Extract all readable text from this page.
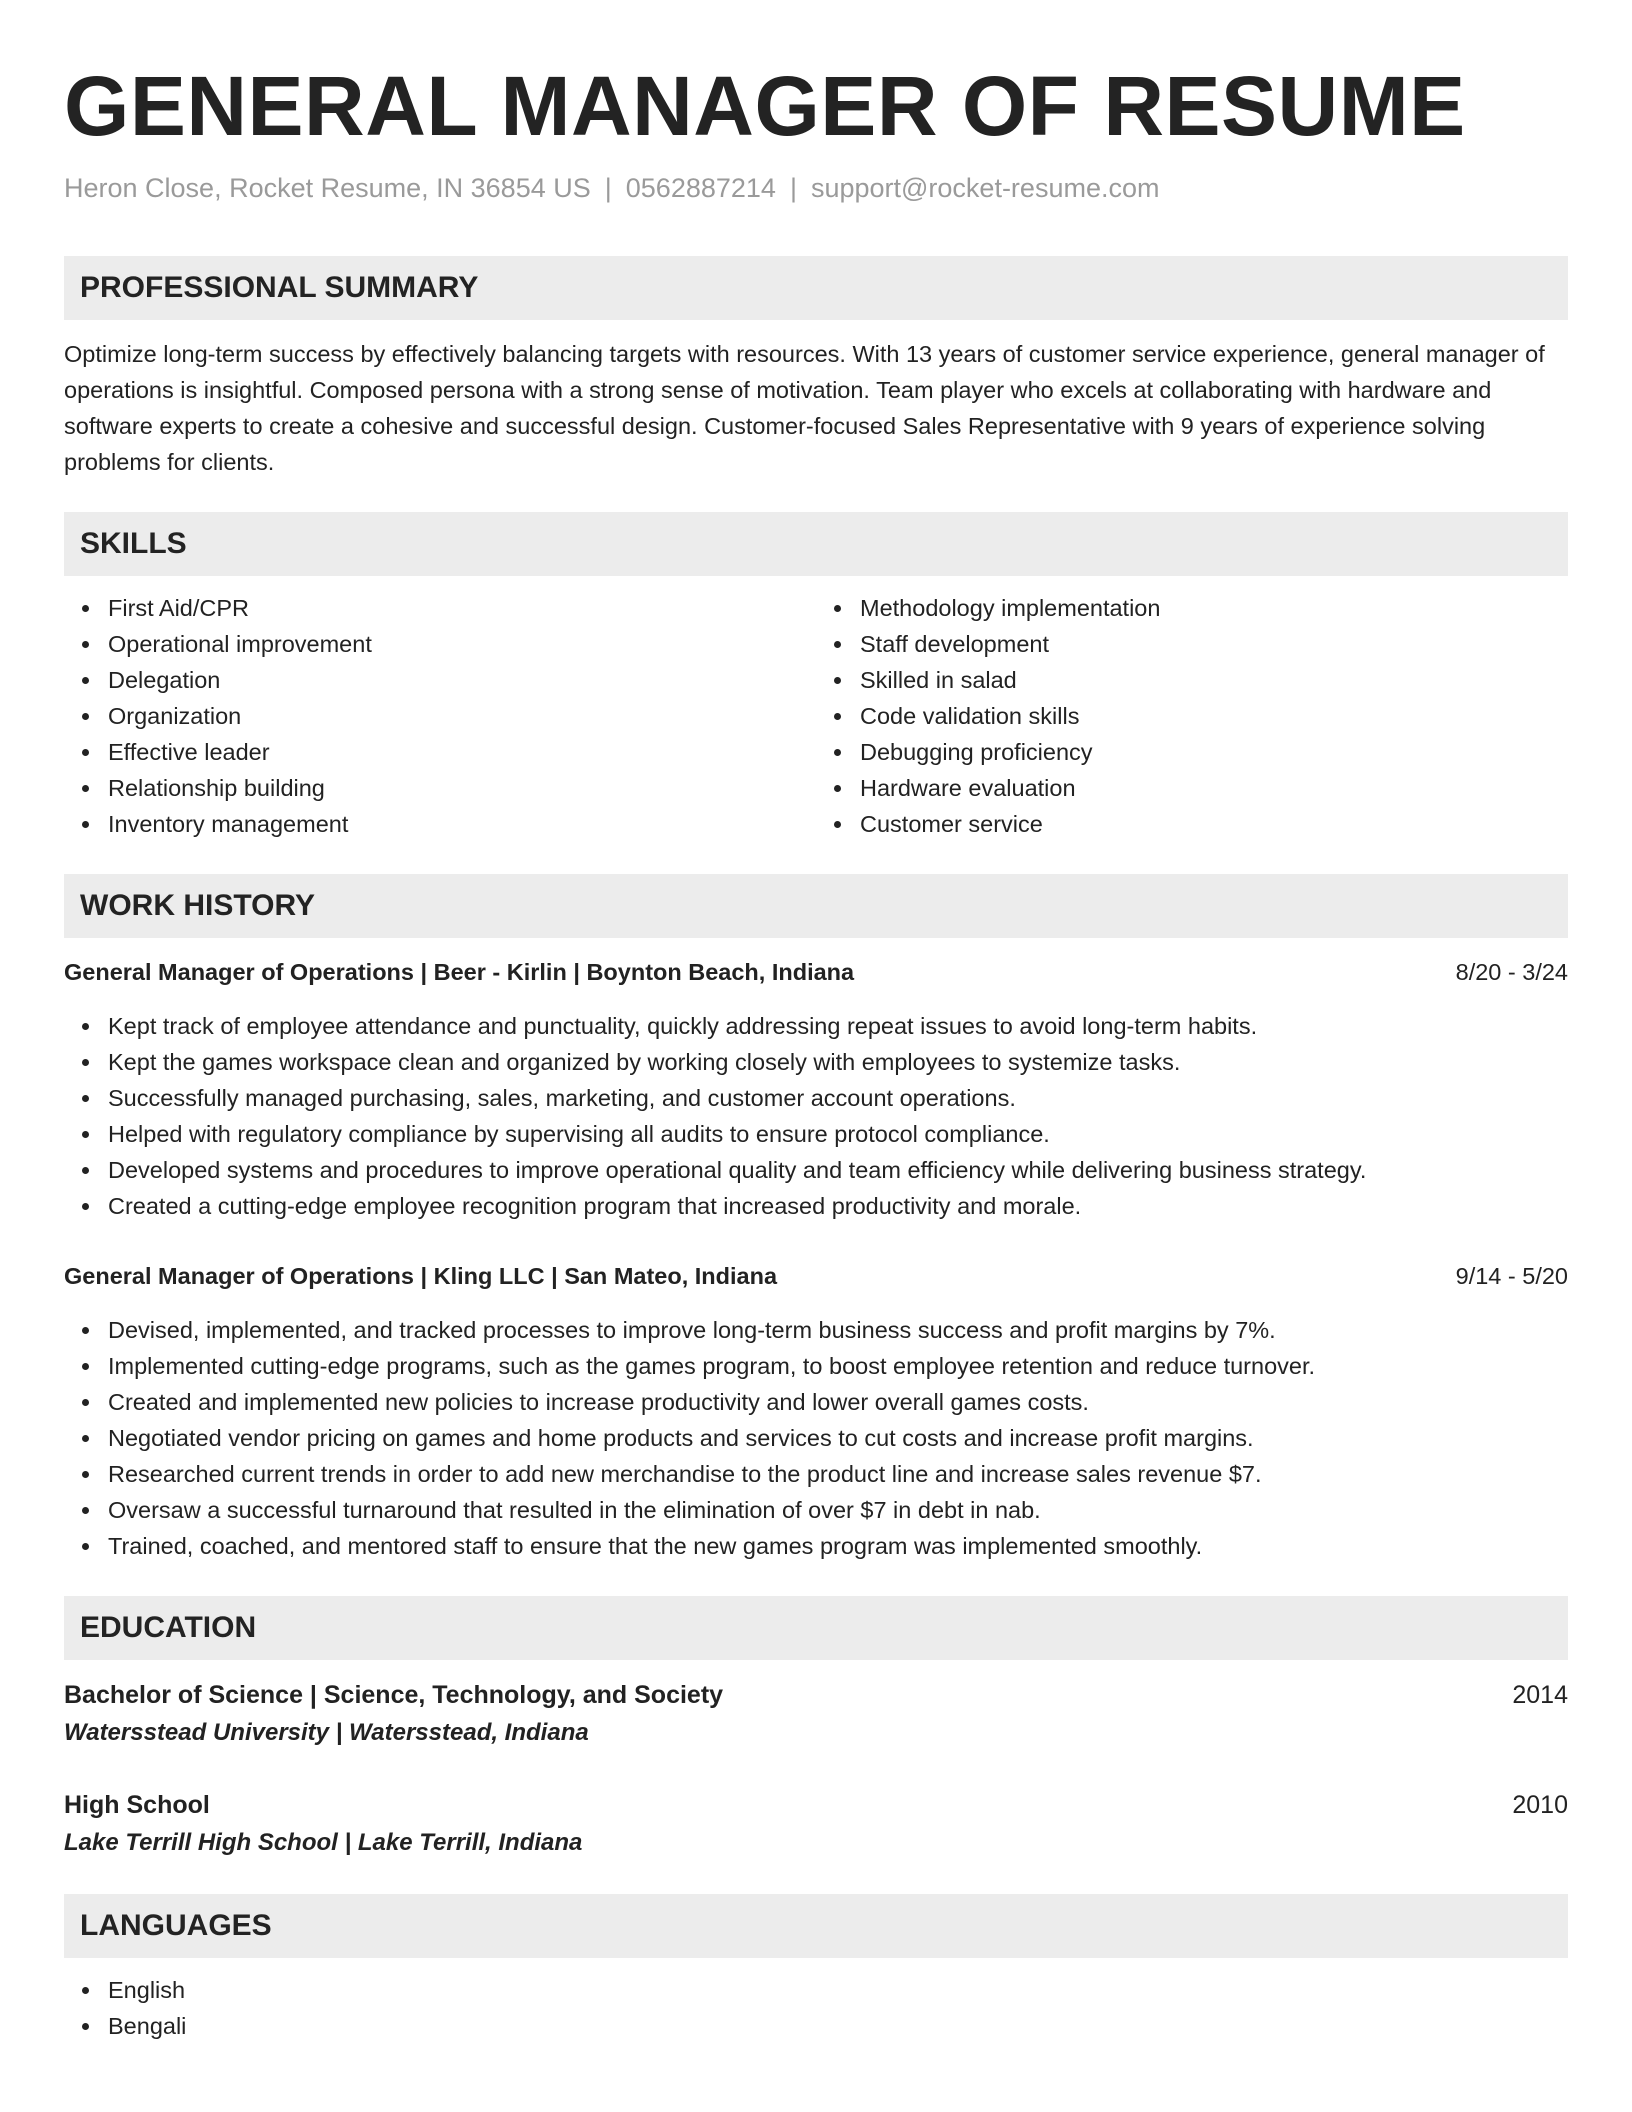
GENERAL MANAGER OF RESUME
Heron Close, Rocket Resume, IN 36854 US | 0562887214 | support@rocket-resume.com
PROFESSIONAL SUMMARY

Optimize long-term success by effectively balancing targets with resources. With 13 years of customer service experience, general manager of operations is insightful. Composed persona with a strong sense of motivation. Team player who excels at collaborating with hardware and software experts to create a cohesive and successful design. Customer-focused Sales Representative with 9 years of experience solving problems for clients.

SKILLS
First Aid/CPR
Operational improvement
Delegation
Organization
Effective leader
Relationship building
Inventory management
Methodology implementation
Staff development
Skilled in salad
Code validation skills
Debugging proficiency
Hardware evaluation
Customer service
WORK HISTORY
General Manager of Operations | Beer - Kirlin | Boynton Beach, Indiana	8/20 - 3/24
Kept track of employee attendance and punctuality, quickly addressing repeat issues to avoid long-term habits.
Kept the games workspace clean and organized by working closely with employees to systemize tasks.
Successfully managed purchasing, sales, marketing, and customer account operations.
Helped with regulatory compliance by supervising all audits to ensure protocol compliance.
Developed systems and procedures to improve operational quality and team efficiency while delivering business strategy.
Created a cutting-edge employee recognition program that increased productivity and morale.
General Manager of Operations | Kling LLC | San Mateo, Indiana	9/14 - 5/20
Devised, implemented, and tracked processes to improve long-term business success and profit margins by 7%.
Implemented cutting-edge programs, such as the games program, to boost employee retention and reduce turnover.
Created and implemented new policies to increase productivity and lower overall games costs.
Negotiated vendor pricing on games and home products and services to cut costs and increase profit margins.
Researched current trends in order to add new merchandise to the product line and increase sales revenue $7.
Oversaw a successful turnaround that resulted in the elimination of over $7 in debt in nab.
Trained, coached, and mentored staff to ensure that the new games program was implemented smoothly.
EDUCATION
Bachelor of Science | Science, Technology, and Society	2014
Watersstead University | Watersstead, Indiana
High School	2010
Lake Terrill High School | Lake Terrill, Indiana
LANGUAGES
English
Bengali
